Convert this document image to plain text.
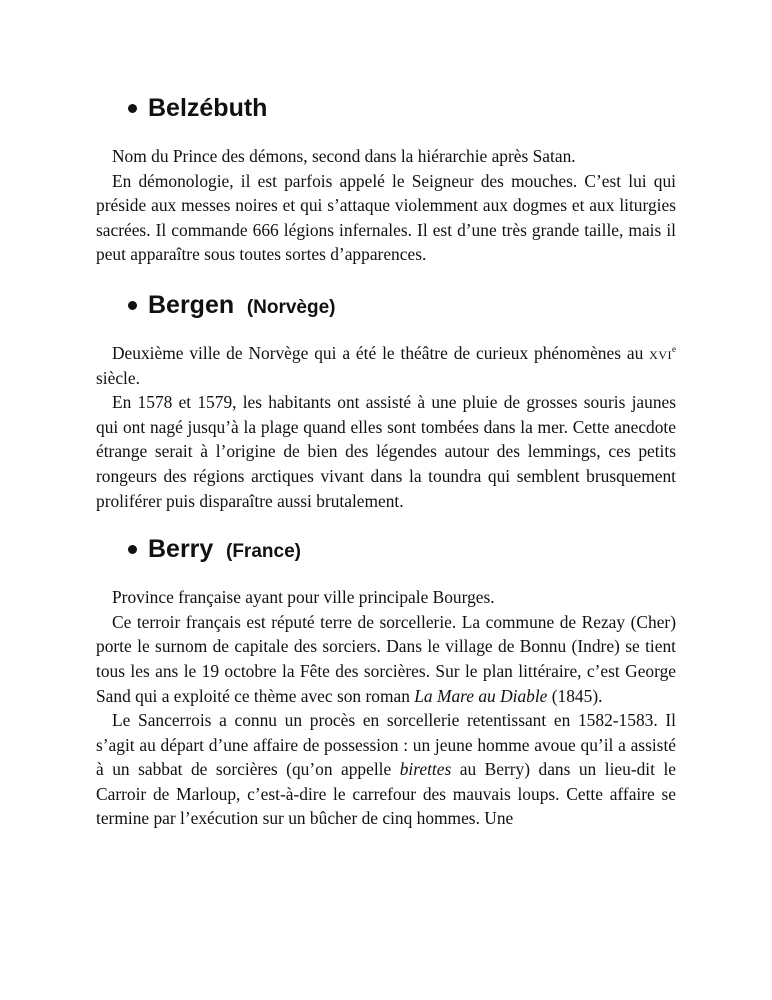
Belzébuth

Nom du Prince des démons, second dans la hiérarchie après Satan.

En démonologie, il est parfois appelé le Seigneur des mouches. C’est lui qui préside aux messes noires et qui s’attaque violemment aux dogmes et aux liturgies sacrées. Il commande 666 légions infernales. Il est d’une très grande taille, mais il peut apparaître sous toutes sortes d’apparences.

Bergen (Norvège)

Deuxième ville de Norvège qui a été le théâtre de curieux phénomènes au xvi$^e$ siècle.

En 1578 et 1579, les habitants ont assisté à une pluie de grosses souris jaunes qui ont nagé jusqu’à la plage quand elles sont tombées dans la mer. Cette anecdote étrange serait à l’origine de bien des légendes autour des lemmings, ces petits rongeurs des régions arctiques vivant dans la toundra qui semblent brusquement proliférer puis disparaître aussi brutalement.

Berry (France)

Province française ayant pour ville principale Bourges.

Ce terroir français est réputé terre de sorcellerie. La commune de Rezay (Cher) porte le surnom de capitale des sorciers. Dans le village de Bonnu (Indre) se tient tous les ans le 19 octobre la Fête des sorcières. Sur le plan littéraire, c’est George Sand qui a exploité ce thème avec son roman La Mare au Diable (1845).

Le Sancerrois a connu un procès en sorcellerie retentissant en 1582-1583. Il s’agit au départ d’une affaire de possession : un jeune homme avoue qu’il a assisté à un sabbat de sorcières (qu’on appelle birettes au Berry) dans un lieu-dit le Carroir de Marloup, c’est-à-dire le carrefour des mauvais loups. Cette affaire se termine par l’exécution sur un bûcher de cinq hommes. Une
